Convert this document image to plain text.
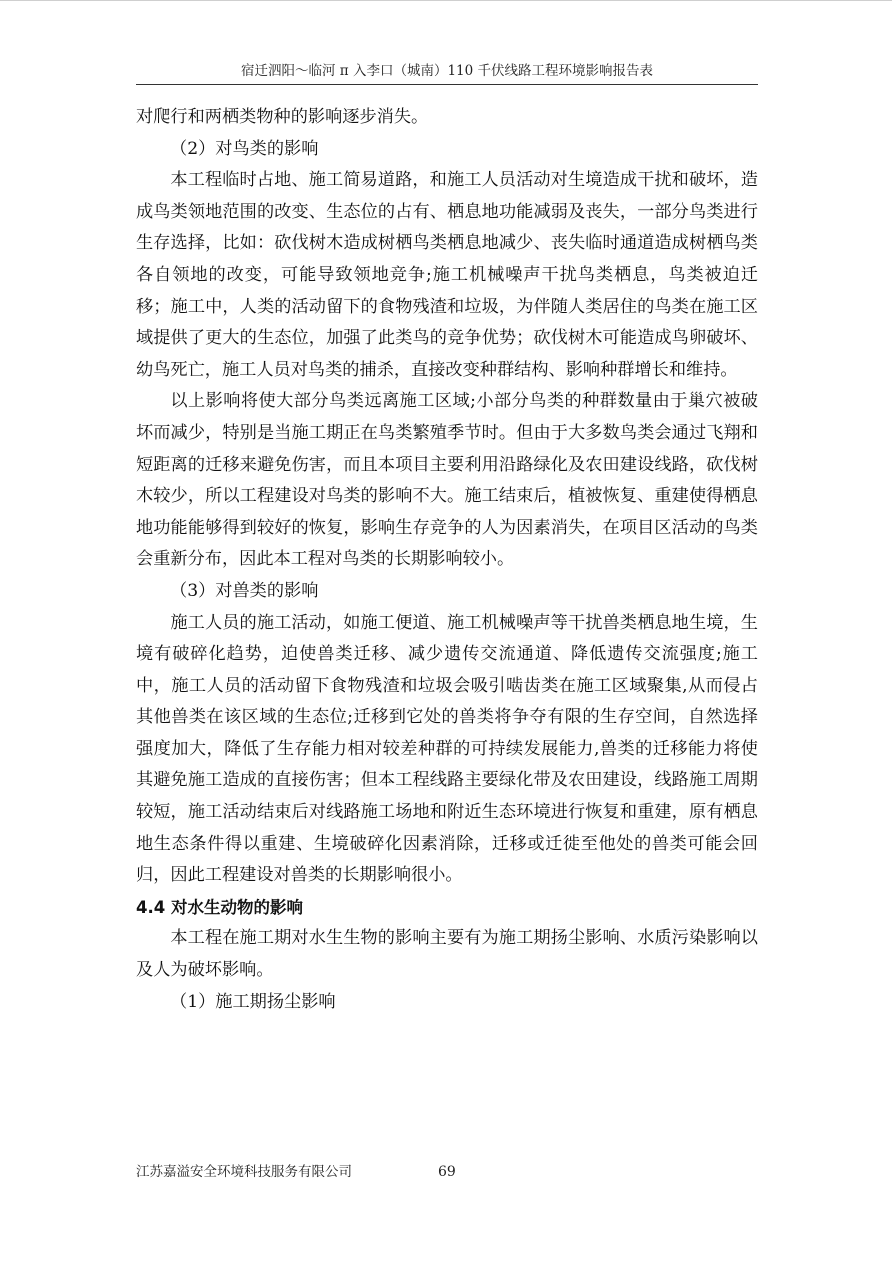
宿迁泗阳～临河 π 入李口（城南）110 千伏线路工程环境影响报告表

对爬行和两栖类物种的影响逐步消失。

（2）对鸟类的影响

本工程临时占地、施工简易道路，和施工人员活动对生境造成干扰和破坏，造成鸟类领地范围的改变、生态位的占有、栖息地功能减弱及丧失，一部分鸟类进行生存选择，比如：砍伐树木造成树栖鸟类栖息地减少、丧失临时通道造成树栖鸟类各自领地的改变，可能导致领地竞争;施工机械噪声干扰鸟类栖息，鸟类被迫迁移；施工中，人类的活动留下的食物残渣和垃圾，为伴随人类居住的鸟类在施工区域提供了更大的生态位，加强了此类鸟的竞争优势；砍伐树木可能造成鸟卵破坏、幼鸟死亡，施工人员对鸟类的捕杀，直接改变种群结构、影响种群增长和维持。

以上影响将使大部分鸟类远离施工区域;小部分鸟类的种群数量由于巢穴被破坏而减少，特别是当施工期正在鸟类繁殖季节时。但由于大多数鸟类会通过飞翔和短距离的迁移来避免伤害，而且本项目主要利用沿路绿化及农田建设线路，砍伐树木较少，所以工程建设对鸟类的影响不大。施工结束后，植被恢复、重建使得栖息地功能能够得到较好的恢复，影响生存竞争的人为因素消失，在项目区活动的鸟类会重新分布，因此本工程对鸟类的长期影响较小。

（3）对兽类的影响

施工人员的施工活动，如施工便道、施工机械噪声等干扰兽类栖息地生境，生境有破碎化趋势，迫使兽类迁移、减少遗传交流通道、降低遗传交流强度;施工中，施工人员的活动留下食物残渣和垃圾会吸引啮齿类在施工区域聚集,从而侵占其他兽类在该区域的生态位;迁移到它处的兽类将争夺有限的生存空间，自然选择强度加大，降低了生存能力相对较差种群的可持续发展能力,兽类的迁移能力将使其避免施工造成的直接伤害；但本工程线路主要绿化带及农田建设，线路施工周期较短，施工活动结束后对线路施工场地和附近生态环境进行恢复和重建，原有栖息地生态条件得以重建、生境破碎化因素消除，迁移或迁徙至他处的兽类可能会回归，因此工程建设对兽类的长期影响很小。

4.4 对水生动物的影响

本工程在施工期对水生生物的影响主要有为施工期扬尘影响、水质污染影响以及人为破坏影响。

（1）施工期扬尘影响

江苏嘉溢安全环境科技服务有限公司	69
